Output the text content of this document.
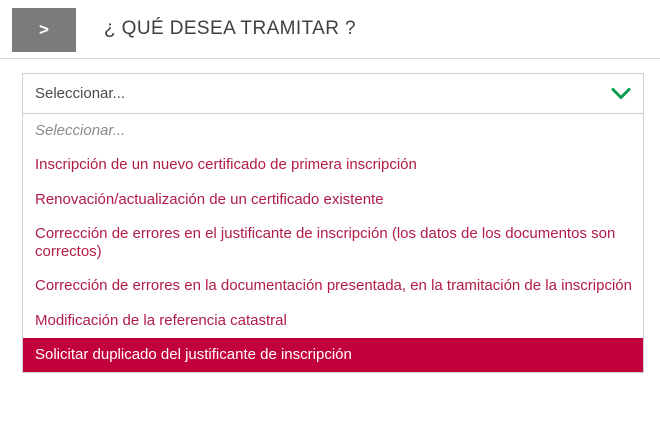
>	¿ QUÉ DESEA TRAMITAR ?
Seleccionar...
Seleccionar...
Inscripción de un nuevo certificado de primera inscripción
Renovación/actualización de un certificado existente
Corrección de errores en el justificante de inscripción (los datos de los documentos son correctos)
Corrección de errores en la documentación presentada, en la tramitación de la inscripción
Modificación de la referencia catastral
Solicitar duplicado del justificante de inscripción
